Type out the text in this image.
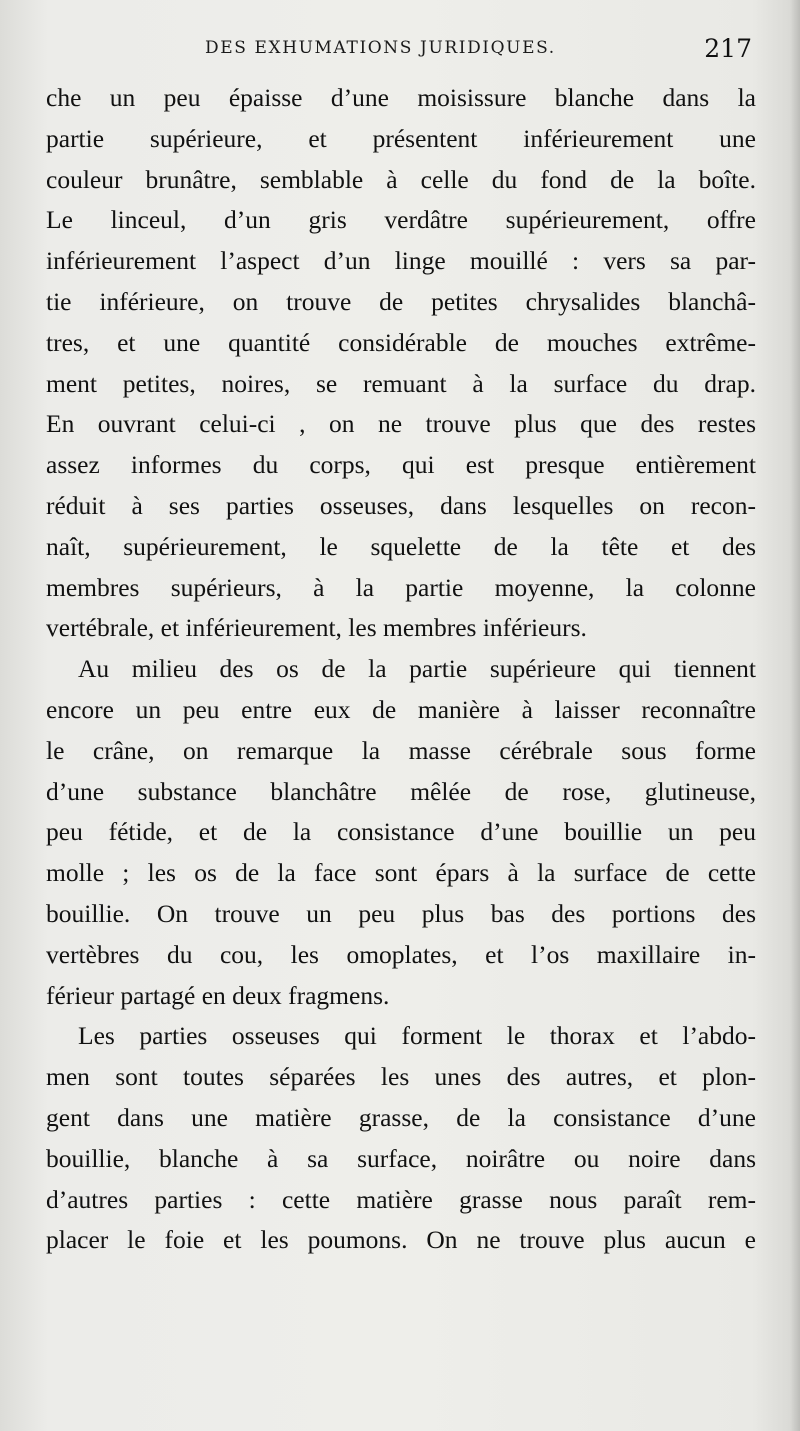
DES EXHUMATIONS JURIDIQUES.	217
che un peu épaisse d’une moisissure blanche dans la
partie supérieure, et présentent inférieurement une
couleur brunâtre, semblable à celle du fond de la boîte.
Le linceul, d’un gris verdâtre supérieurement, offre
inférieurement l’aspect d’un linge mouillé : vers sa par-
tie inférieure, on trouve de petites chrysalides blanchâ-
tres, et une quantité considérable de mouches extrême-
ment petites, noires, se remuant à la surface du drap.
En ouvrant celui-ci , on ne trouve plus que des restes
assez informes du corps, qui est presque entièrement
réduit à ses parties osseuses, dans lesquelles on recon-
naît, supérieurement, le squelette de la tête et des
membres supérieurs, à la partie moyenne, la colonne
vertébrale, et inférieurement, les membres inférieurs.
Au milieu des os de la partie supérieure qui tiennent
encore un peu entre eux de manière à laisser reconnaître
le crâne, on remarque la masse cérébrale sous forme
d’une substance blanchâtre mêlée de rose, glutineuse,
peu fétide, et de la consistance d’une bouillie un peu
molle ; les os de la face sont épars à la surface de cette
bouillie. On trouve un peu plus bas des portions des
vertèbres du cou, les omoplates, et l’os maxillaire in-
férieur partagé en deux fragmens.
Les parties osseuses qui forment le thorax et l’abdo-
men sont toutes séparées les unes des autres, et plon-
gent dans une matière grasse, de la consistance d’une
bouillie, blanche à sa surface, noirâtre ou noire dans
d’autres parties : cette matière grasse nous paraît rem-
placer le foie et les poumons. On ne trouve plus aucun e
